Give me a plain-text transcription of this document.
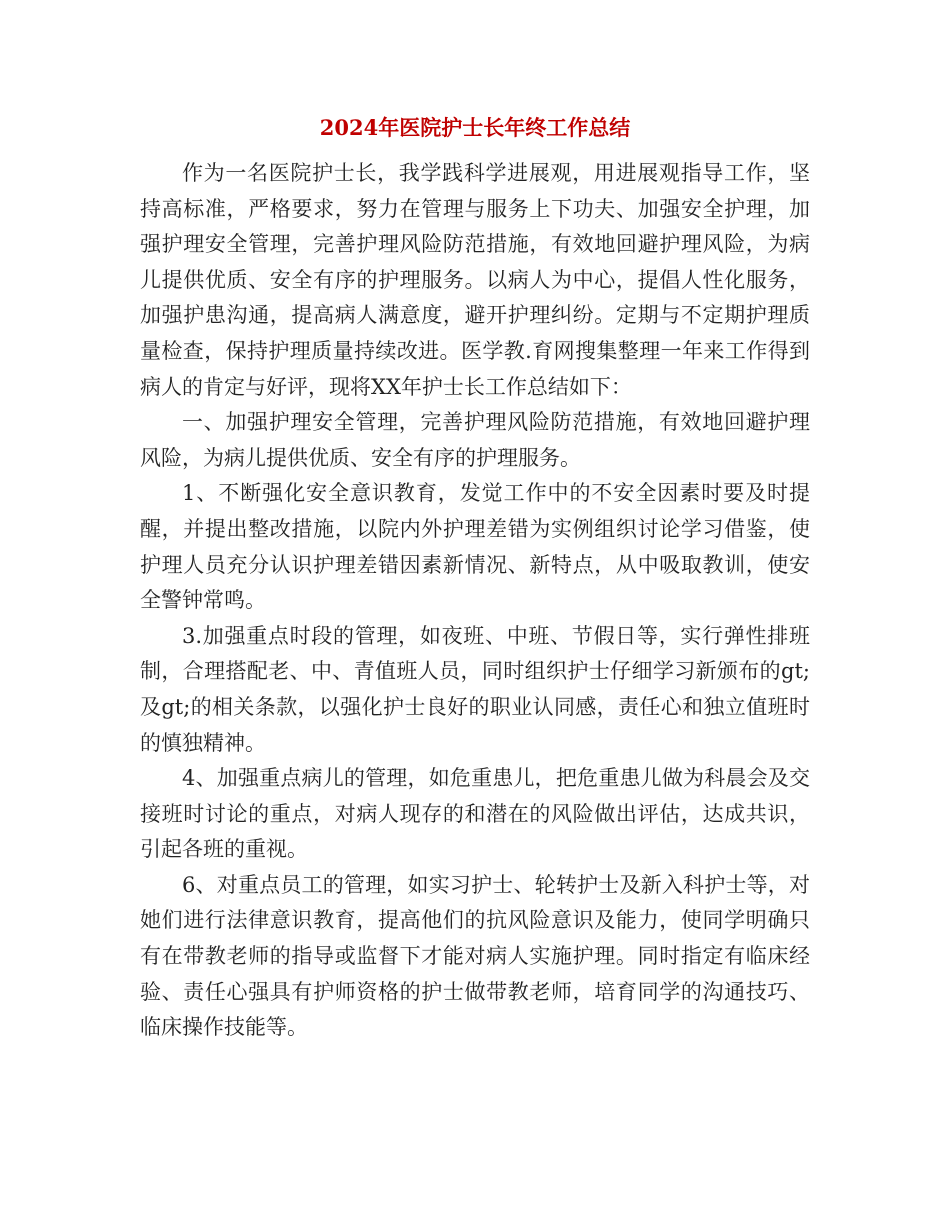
2024年医院护士长年终工作总结

作为一名医院护士长，我学践科学进展观，用进展观指导工作，坚持高标准，严格要求，努力在管理与服务上下功夫、加强安全护理，加强护理安全管理，完善护理风险防范措施，有效地回避护理风险，为病儿提供优质、安全有序的护理服务。以病人为中心，提倡人性化服务，加强护患沟通，提高病人满意度，避开护理纠纷。定期与不定期护理质量检查，保持护理质量持续改进。医学教.育网搜集整理一年来工作得到病人的肯定与好评，现将XX年护士长工作总结如下：

一、加强护理安全管理，完善护理风险防范措施，有效地回避护理风险，为病儿提供优质、安全有序的护理服务。

1、不断强化安全意识教育，发觉工作中的不安全因素时要及时提醒，并提出整改措施，以院内外护理差错为实例组织讨论学习借鉴，使护理人员充分认识护理差错因素新情况、新特点，从中吸取教训，使安全警钟常鸣。

3.加强重点时段的管理，如夜班、中班、节假日等，实行弹性排班制，合理搭配老、中、青值班人员，同时组织护士仔细学习新颁布的gt;及gt;的相关条款，以强化护士良好的职业认同感，责任心和独立值班时的慎独精神。

4、加强重点病儿的管理，如危重患儿，把危重患儿做为科晨会及交接班时讨论的重点，对病人现存的和潜在的风险做出评估，达成共识，引起各班的重视。

6、对重点员工的管理，如实习护士、轮转护士及新入科护士等，对她们进行法律意识教育，提高他们的抗风险意识及能力，使同学明确只有在带教老师的指导或监督下才能对病人实施护理。同时指定有临床经验、责任心强具有护师资格的护士做带教老师，培育同学的沟通技巧、临床操作技能等。
